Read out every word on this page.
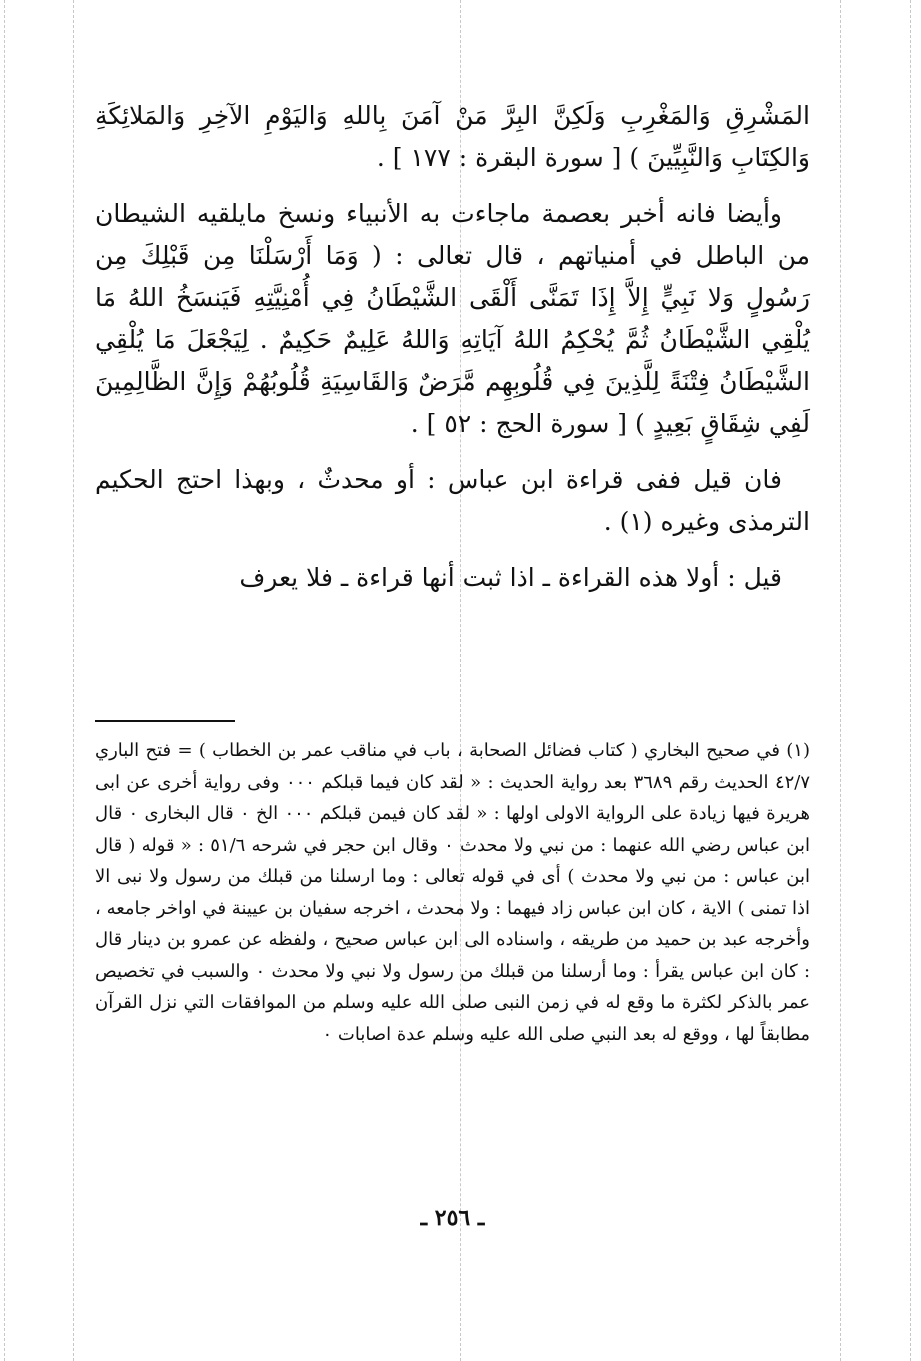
المَشْرِقِ وَالمَغْرِبِ وَلَكِنَّ البِرَّ مَنْ آمَنَ بِاللهِ وَاليَوْمِ الآخِرِ وَالمَلائِكَةِ وَالكِتَابِ وَالنَّبِيِّينَ ) [ سورة البقرة : ١٧٧ ] .

وأيضا فانه أخبر بعصمة ماجاءت به الأنبياء ونسخ مايلقيه الشيطان من الباطل في أمنياتهم ، قال تعالى : ( وَمَا أَرْسَلْنَا مِن قَبْلِكَ مِن رَسُولٍ وَلا نَبِيٍّ إِلاَّ إِذَا تَمَنَّى أَلْقَى الشَّيْطَانُ فِي أُمْنِيَّتِهِ فَيَنسَخُ اللهُ مَا يُلْقِي الشَّيْطَانُ ثُمَّ يُحْكِمُ اللهُ آيَاتِهِ وَاللهُ عَلِيمٌ حَكِيمٌ . لِيَجْعَلَ مَا يُلْقِي الشَّيْطَانُ فِتْنَةً لِلَّذِينَ فِي قُلُوبِهِم مَّرَضٌ وَالقَاسِيَةِ قُلُوبُهُمْ وَإِنَّ الظَّالِمِينَ لَفِي شِقَاقٍ بَعِيدٍ ) [ سورة الحج : ٥٢ ] .

فان قيل ففى قراءة ابن عباس : أو محدثٌ ، وبهذا احتج الحكيم الترمذى وغيره (١) .

قيل : أولا هذه القراءة ـ اذا ثبت أنها قراءة ـ فلا يعرف

(١) في صحيح البخاري ( كتاب فضائل الصحابة ، باب في مناقب عمر بن الخطاب ) = فتح الباري ٤٢/٧ الحديث رقم ٣٦٨٩ بعد رواية الحديث : « لقد كان فيما قبلكم ٠٠٠ وفى رواية أخرى عن ابى هريرة فيها زيادة على الرواية الاولى اولها : « لقد كان فيمن قبلكم ٠٠٠ الخ ٠ قال البخارى ٠ قال ابن عباس رضي الله عنهما : من نبي ولا محدث ٠ وقال ابن حجر في شرحه ٥١/٦ : « قوله ( قال ابن عباس : من نبي ولا محدث ) أى في قوله تعالى : وما ارسلنا من قبلك من رسول ولا نبى الا اذا تمنى ) الاية ، كان ابن عباس زاد فيهما : ولا محدث ، اخرجه سفيان بن عيينة في اواخر جامعه ، وأخرجه عبد بن حميد من طريقه ، واسناده الى ابن عباس صحيح ، ولفظه عن عمرو بن دينار قال : كان ابن عباس يقرأ : وما أرسلنا من قبلك من رسول ولا نبي ولا محدث ٠ والسبب في تخصيص عمر بالذكر لكثرة ما وقع له في زمن النبى صلى الله عليه وسلم من الموافقات التي نزل القرآن مطابقاً لها ، ووقع له بعد النبي صلى الله عليه وسلم عدة اصابات ٠

ـ ٢٥٦ ـ
